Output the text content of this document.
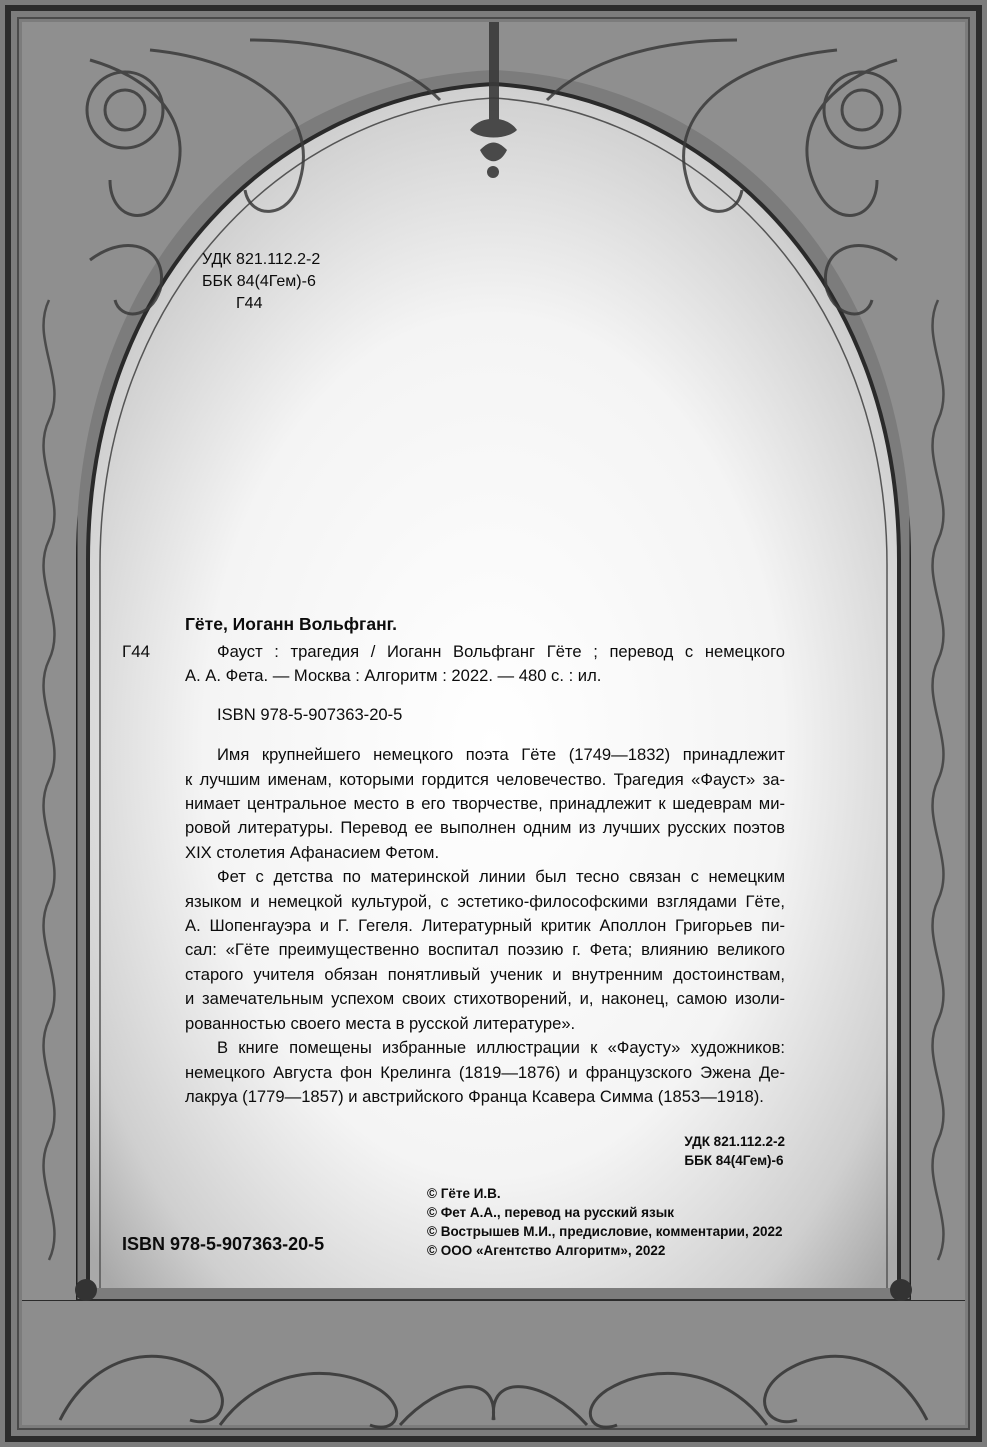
УДК 821.112.2-2
ББК 84(4Гем)-6
Г44
Гёте, Иоганн Вольфганг.
Г44	Фауст : трагедия / Иоганн Вольфганг Гёте ; перевод с немецкого
А. А. Фета. — Москва : Алгоритм : 2022. — 480 с. : ил.

ISBN 978-5-907363-20-5

Имя крупнейшего немецкого поэта Гёте (1749—1832) принадлежит
к лучшим именам, которыми гордится человечество. Трагедия «Фауст» за-
нимает центральное место в его творчестве, принадлежит к шедеврам ми-
ровой литературы. Перевод ее выполнен одним из лучших русских поэтов
XIX столетия Афанасием Фетом.

Фет с детства по материнской линии был тесно связан с немецким
языком и немецкой культурой, с эстетико-философскими взглядами Гёте,
А. Шопенгауэра и Г. Гегеля. Литературный критик Аполлон Григорьев пи-
сал: «Гёте преимущественно воспитал поэзию г. Фета; влиянию великого
старого учителя обязан понятливый ученик и внутренним достоинствам,
и замечательным успехом своих стихотворений, и, наконец, самою изоли-
рованностью своего места в русской литературе».

В книге помещены избранные иллюстрации к «Фаусту» художников:
немецкого Августа фон Крелинга (1819—1876) и французского Эжена Де-
лакруа (1779—1857) и австрийского Франца Ксавера Симма (1853—1918).

УДК 821.112.2-2
ББК 84(4Гем)-6
© Гёте И.В.
© Фет А.А., перевод на русский язык
© Вострышев М.И., предисловие, комментарии, 2022
© ООО «Агентство Алгоритм», 2022
ISBN 978-5-907363-20-5
